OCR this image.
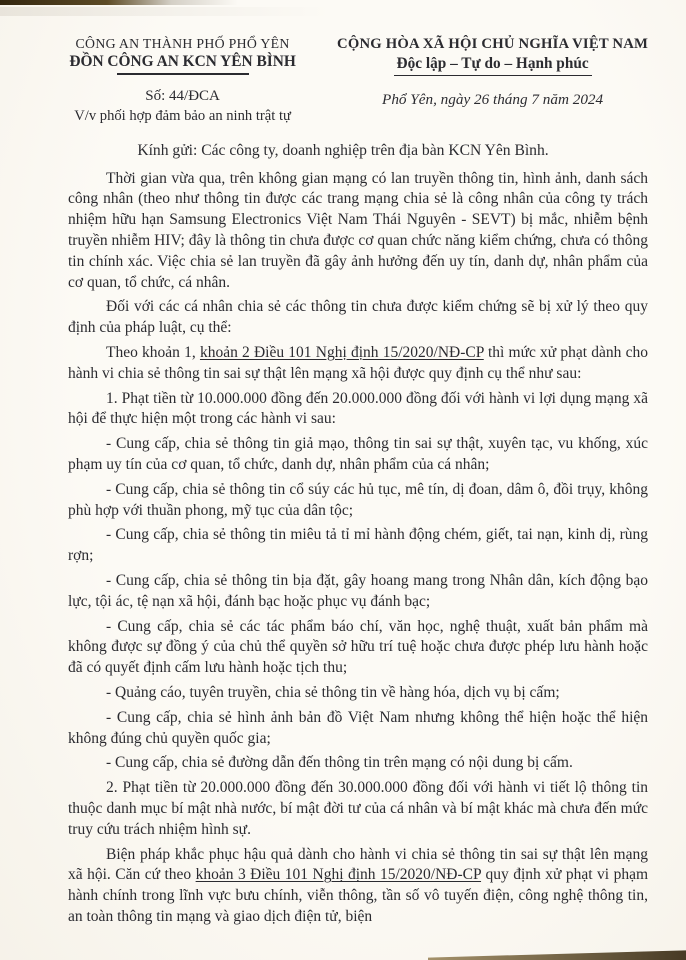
CÔNG AN THÀNH PHỐ PHỔ YÊN
ĐỒN CÔNG AN KCN YÊN BÌNH
Số: 44/ĐCA
V/v phối hợp đảm bảo an ninh trật tự
CỘNG HÒA XÃ HỘI CHỦ NGHĨA VIỆT NAM
Độc lập – Tự do – Hạnh phúc
Phổ Yên, ngày 26 tháng 7 năm 2024
Kính gửi: Các công ty, doanh nghiệp trên địa bàn KCN Yên Bình.

Thời gian vừa qua, trên không gian mạng có lan truyền thông tin, hình ảnh, danh sách công nhân (theo như thông tin được các trang mạng chia sẻ là công nhân của công ty trách nhiệm hữu hạn Samsung Electronics Việt Nam Thái Nguyên - SEVT) bị mắc, nhiễm bệnh truyền nhiễm HIV; đây là thông tin chưa được cơ quan chức năng kiểm chứng, chưa có thông tin chính xác. Việc chia sẻ lan truyền đã gây ảnh hưởng đến uy tín, danh dự, nhân phẩm của cơ quan, tổ chức, cá nhân.

Đối với các cá nhân chia sẻ các thông tin chưa được kiểm chứng sẽ bị xử lý theo quy định của pháp luật, cụ thể:

Theo khoản 1, khoản 2 Điều 101 Nghị định 15/2020/NĐ-CP thì mức xử phạt dành cho hành vi chia sẻ thông tin sai sự thật lên mạng xã hội được quy định cụ thể như sau:

1. Phạt tiền từ 10.000.000 đồng đến 20.000.000 đồng đối với hành vi lợi dụng mạng xã hội để thực hiện một trong các hành vi sau:

- Cung cấp, chia sẻ thông tin giả mạo, thông tin sai sự thật, xuyên tạc, vu khống, xúc phạm uy tín của cơ quan, tổ chức, danh dự, nhân phẩm của cá nhân;

- Cung cấp, chia sẻ thông tin cổ súy các hủ tục, mê tín, dị đoan, dâm ô, đồi trụy, không phù hợp với thuần phong, mỹ tục của dân tộc;

- Cung cấp, chia sẻ thông tin miêu tả tỉ mỉ hành động chém, giết, tai nạn, kinh dị, rùng rợn;

- Cung cấp, chia sẻ thông tin bịa đặt, gây hoang mang trong Nhân dân, kích động bạo lực, tội ác, tệ nạn xã hội, đánh bạc hoặc phục vụ đánh bạc;

- Cung cấp, chia sẻ các tác phẩm báo chí, văn học, nghệ thuật, xuất bản phẩm mà không được sự đồng ý của chủ thể quyền sở hữu trí tuệ hoặc chưa được phép lưu hành hoặc đã có quyết định cấm lưu hành hoặc tịch thu;

- Quảng cáo, tuyên truyền, chia sẻ thông tin về hàng hóa, dịch vụ bị cấm;

- Cung cấp, chia sẻ hình ảnh bản đồ Việt Nam nhưng không thể hiện hoặc thể hiện không đúng chủ quyền quốc gia;

- Cung cấp, chia sẻ đường dẫn đến thông tin trên mạng có nội dung bị cấm.

2. Phạt tiền từ 20.000.000 đồng đến 30.000.000 đồng đối với hành vi tiết lộ thông tin thuộc danh mục bí mật nhà nước, bí mật đời tư của cá nhân và bí mật khác mà chưa đến mức truy cứu trách nhiệm hình sự.

Biện pháp khắc phục hậu quả dành cho hành vi chia sẻ thông tin sai sự thật lên mạng xã hội. Căn cứ theo khoản 3 Điều 101 Nghị định 15/2020/NĐ-CP quy định xử phạt vi phạm hành chính trong lĩnh vực bưu chính, viễn thông, tần số vô tuyến điện, công nghệ thông tin, an toàn thông tin mạng và giao dịch điện tử, biện
